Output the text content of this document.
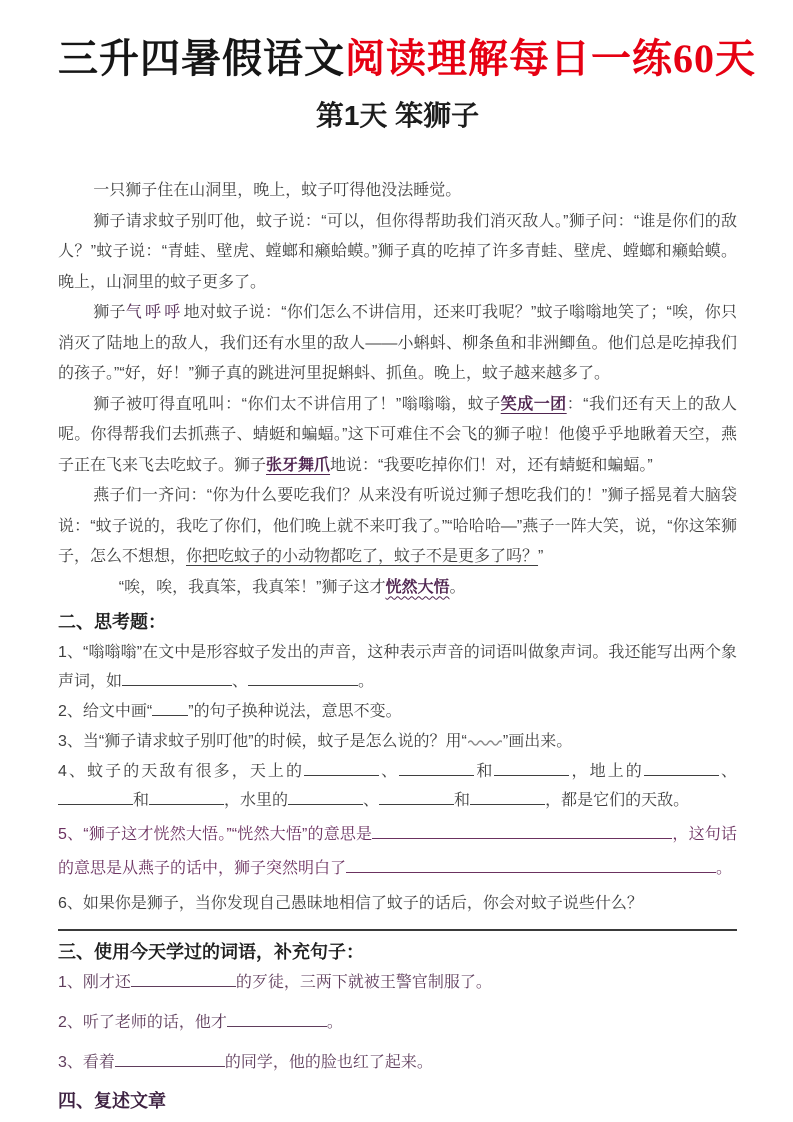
三升四暑假语文阅读理解每日一练60天
第1天 笨狮子

一只狮子住在山洞里，晚上，蚊子叮得他没法睡觉。

狮子请求蚊子别叮他，蚊子说：“可以，但你得帮助我们消灭敌人。”狮子问：“谁是你们的敌人？”蚊子说：“青蛙、壁虎、螳螂和癞蛤蟆。”狮子真的吃掉了许多青蛙、壁虎、螳螂和癞蛤蟆。晚上，山洞里的蚊子更多了。

狮子气呼呼地对蚊子说：“你们怎么不讲信用，还来叮我呢？”蚊子嗡嗡地笑了；“唉，你只消灭了陆地上的敌人，我们还有水里的敌人——小蝌蚪、柳条鱼和非洲鲫鱼。他们总是吃掉我们的孩子。”“好，好！”狮子真的跳进河里捉蝌蚪、抓鱼。晚上，蚊子越来越多了。

狮子被叮得直吼叫：“你们太不讲信用了！”嗡嗡嗡，蚊子笑成一团：“我们还有天上的敌人呢。你得帮我们去抓燕子、蜻蜓和蝙蝠。”这下可难住不会飞的狮子啦！他傻乎乎地瞅着天空，燕子正在飞来飞去吃蚊子。狮子张牙舞爪地说：“我要吃掉你们！对，还有蜻蜓和蝙蝠。”

燕子们一齐问：“你为什么要吃我们？从来没有听说过狮子想吃我们的！”狮子摇晃着大脑袋说：“蚊子说的，我吃了你们，他们晚上就不来叮我了。”“哈哈哈—”燕子一阵大笑，说，“你这笨狮子，怎么不想想，你把吃蚊子的小动物都吃了，蚊子不是更多了吗？”

“唉，唉，我真笨，我真笨！”狮子这才恍然大悟。

二、思考题：

1、“嗡嗡嗡”在文中是形容蚊子发出的声音，这种表示声音的词语叫做象声词。我还能写出两个象声词，如	、	。

2、给文中画“ ”的句子换种说法，意思不变。

3、当“狮子请求蚊子别叮他”的时候，蚊子是怎么说的？用“ ”画出来。

4、蚊子的天敌有很多，天上的	、	和	，地上的	、和	，水里的	、	和	，都是它们的天敌。

5、“狮子这才恍然大悟。”“恍然大悟”的意思是	，这句话的意思是从燕子的话中，狮子突然明白了	。

6、如果你是狮子，当你发现自己愚昧地相信了蚊子的话后，你会对蚊子说些什么？

三、使用今天学过的词语，补充句子：

1、刚才还	的歹徒，三两下就被王警官制服了。

2、听了老师的话，他才	。

3、看着	的同学，他的脸也红了起来。

四、复述文章
